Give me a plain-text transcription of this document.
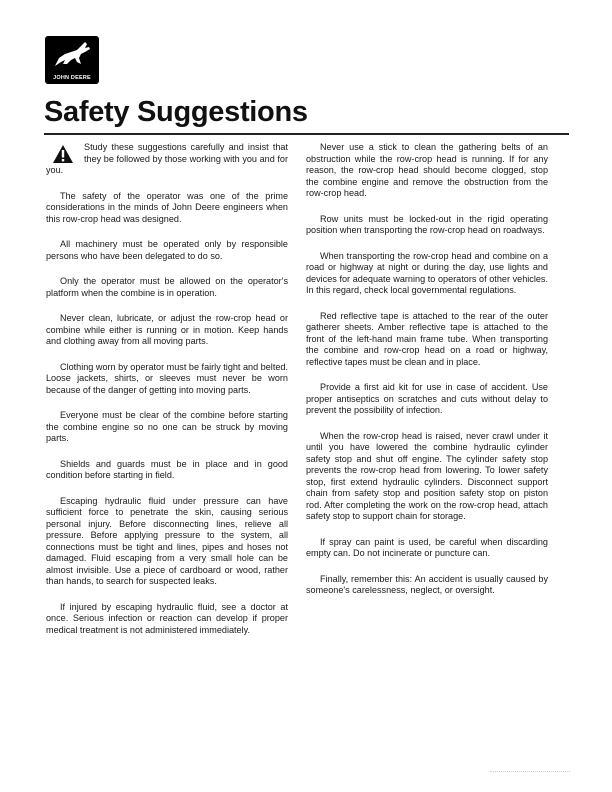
JOHN DEERE
Safety Suggestions

Study these suggestions carefully and insist that they be followed by those working with you and for you.

The safety of the operator was one of the prime considerations in the minds of John Deere engineers when this row-crop head was designed.

All machinery must be operated only by responsible persons who have been delegated to do so.

Only the operator must be allowed on the operator's platform when the combine is in operation.

Never clean, lubricate, or adjust the row-crop head or combine while either is running or in motion. Keep hands and clothing away from all moving parts.

Clothing worn by operator must be fairly tight and belted. Loose jackets, shirts, or sleeves must never be worn because of the danger of getting into moving parts.

Everyone must be clear of the combine before starting the combine engine so no one can be struck by moving parts.

Shields and guards must be in place and in good condition before starting in field.

Escaping hydraulic fluid under pressure can have sufficient force to penetrate the skin, causing serious personal injury. Before disconnecting lines, relieve all pressure. Before applying pressure to the system, all connections must be tight and lines, pipes and hoses not damaged. Fluid escaping from a very small hole can be almost invisible. Use a piece of cardboard or wood, rather than hands, to search for suspected leaks.

If injured by escaping hydraulic fluid, see a doctor at once. Serious infection or reaction can develop if proper medical treatment is not administered immediately.

Never use a stick to clean the gathering belts of an obstruction while the row-crop head is running. If for any reason, the row-crop head should become clogged, stop the combine engine and remove the obstruction from the row-crop head.

Row units must be locked-out in the rigid operating position when transporting the row-crop head on roadways.

When transporting the row-crop head and combine on a road or highway at night or during the day, use lights and devices for adequate warning to operators of other vehicles. In this regard, check local governmental regulations.

Red reflective tape is attached to the rear of the outer gatherer sheets. Amber reflective tape is attached to the front of the left-hand main frame tube. When transporting the combine and row-crop head on a road or highway, reflective tapes must be clean and in place.

Provide a first aid kit for use in case of accident. Use proper antiseptics on scratches and cuts without delay to prevent the possibility of infection.

When the row-crop head is raised, never crawl under it until you have lowered the combine hydraulic cylinder safety stop and shut off engine. The cylinder safety stop prevents the row-crop head from lowering. To lower safety stop, first extend hydraulic cylinders. Disconnect support chain from safety stop and position safety stop on piston rod. After completing the work on the row-crop head, attach safety stop to support chain for storage.

If spray can paint is used, be careful when discarding empty can. Do not incinerate or puncture can.

Finally, remember this: An accident is usually caused by someone's carelessness, neglect, or oversight.
